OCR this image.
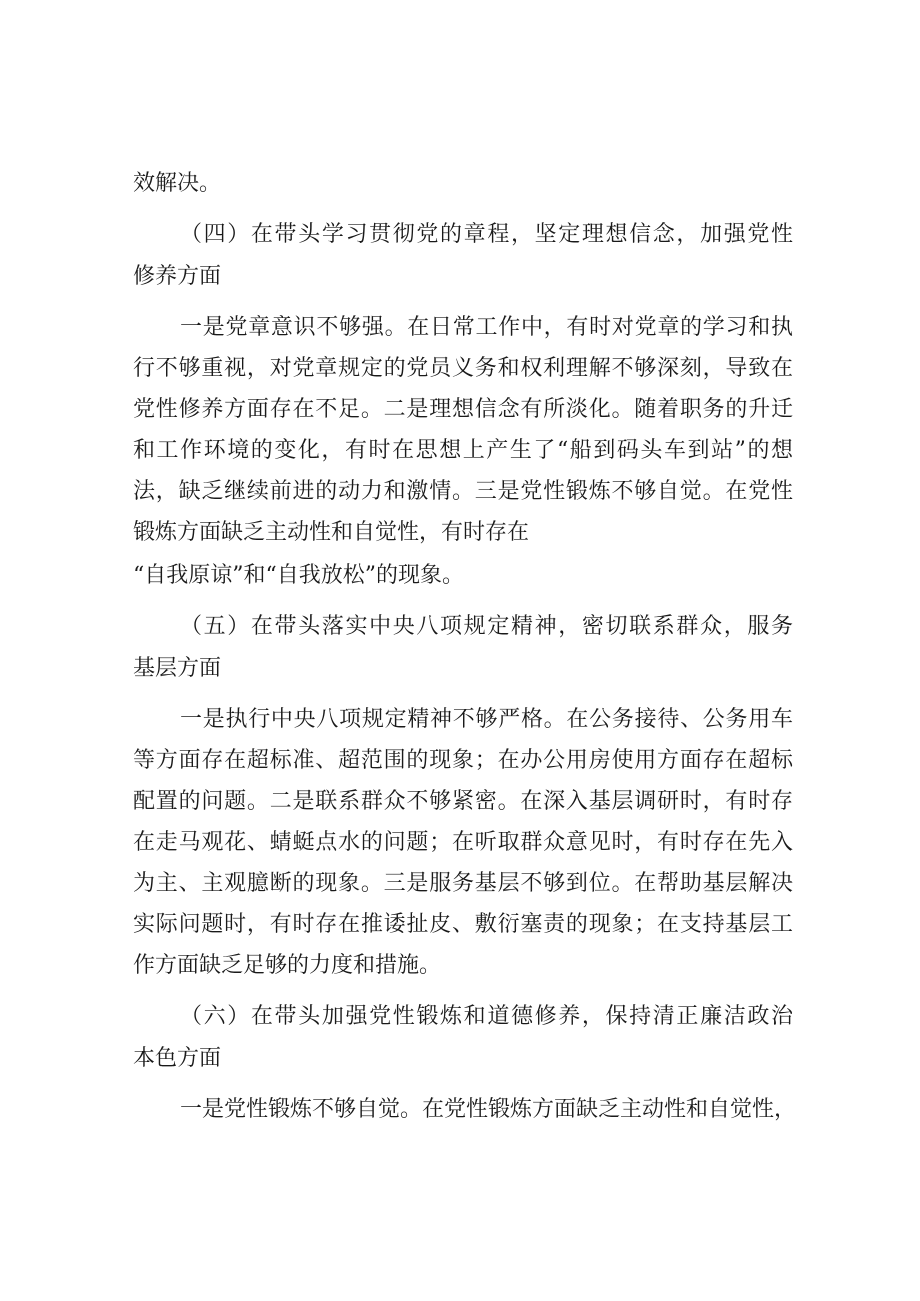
效解决。
（四）在带头学习贯彻党的章程，坚定理想信念，加强党性
修养方面
一是党章意识不够强。在日常工作中，有时对党章的学习和执
行不够重视，对党章规定的党员义务和权利理解不够深刻，导致在
党性修养方面存在不足。二是理想信念有所淡化。随着职务的升迁
和工作环境的变化，有时在思想上产生了“船到码头车到站”的想
法，缺乏继续前进的动力和激情。三是党性锻炼不够自觉。在党性
锻炼方面缺乏主动性和自觉性，有时存在
“自我原谅”和“自我放松”的现象。
（五）在带头落实中央八项规定精神，密切联系群众，服务
基层方面
一是执行中央八项规定精神不够严格。在公务接待、公务用车
等方面存在超标准、超范围的现象；在办公用房使用方面存在超标
配置的问题。二是联系群众不够紧密。在深入基层调研时，有时存
在走马观花、蜻蜓点水的问题；在听取群众意见时，有时存在先入
为主、主观臆断的现象。三是服务基层不够到位。在帮助基层解决
实际问题时，有时存在推诿扯皮、敷衍塞责的现象；在支持基层工
作方面缺乏足够的力度和措施。
（六）在带头加强党性锻炼和道德修养，保持清正廉洁政治
本色方面
一是党性锻炼不够自觉。在党性锻炼方面缺乏主动性和自觉性，
